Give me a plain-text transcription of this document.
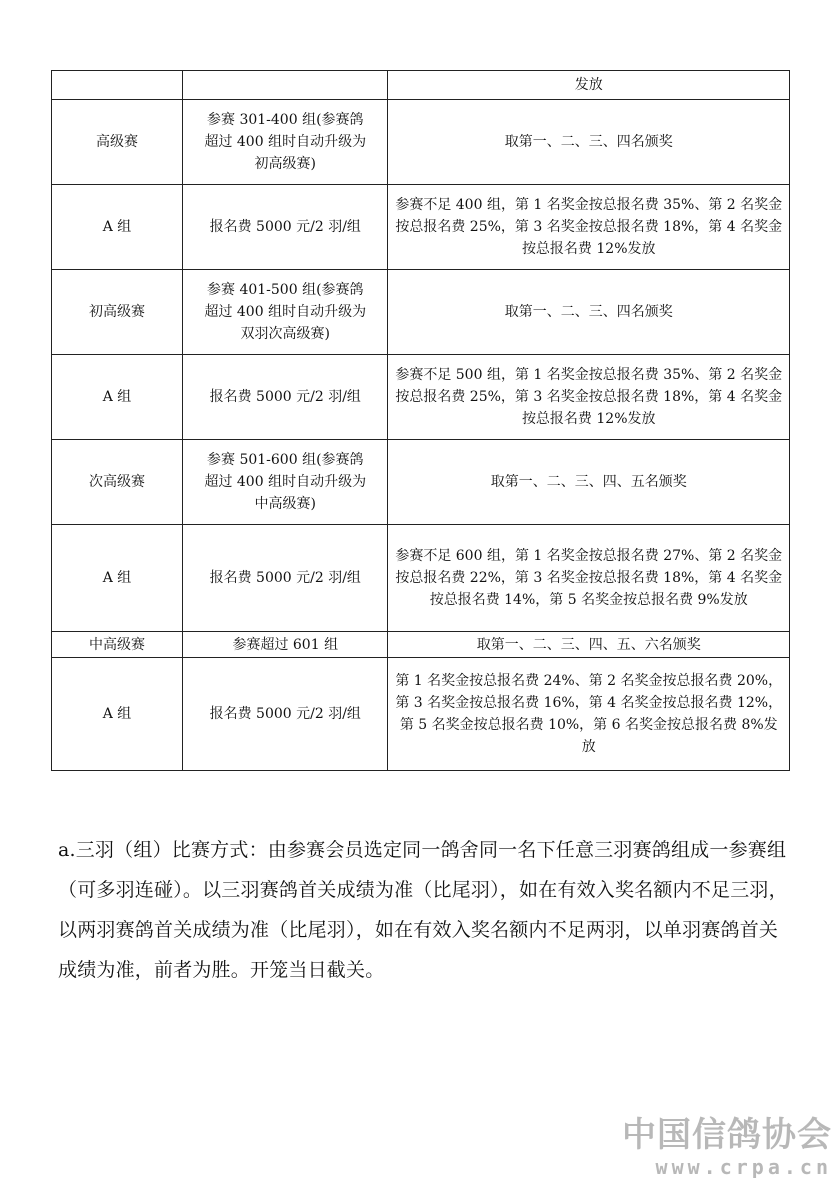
		发放

高级赛	参赛 301-400 组(参赛鸽超过 400 组时自动升级为初高级赛)	取第一、二、三、四名颁奖

A 组	报名费 5000 元/2 羽/组	参赛不足 400 组，第 1 名奖金按总报名费 35%、第 2 名奖金按总报名费 25%，第 3 名奖金按总报名费 18%，第 4 名奖金按总报名费 12%发放

初高级赛	参赛 401-500 组(参赛鸽超过 400 组时自动升级为双羽次高级赛)	取第一、二、三、四名颁奖

A 组	报名费 5000 元/2 羽/组	参赛不足 500 组，第 1 名奖金按总报名费 35%、第 2 名奖金按总报名费 25%，第 3 名奖金按总报名费 18%，第 4 名奖金按总报名费 12%发放

次高级赛	参赛 501-600 组(参赛鸽超过 400 组时自动升级为中高级赛)	取第一、二、三、四、五名颁奖

A 组	报名费 5000 元/2 羽/组	参赛不足 600 组，第 1 名奖金按总报名费 27%、第 2 名奖金按总报名费 22%，第 3 名奖金按总报名费 18%，第 4 名奖金按总报名费 14%，第 5 名奖金按总报名费 9%发放

中高级赛	参赛超过 601 组	取第一、二、三、四、五、六名颁奖

A 组	报名费 5000 元/2 羽/组	第 1 名奖金按总报名费 24%、第 2 名奖金按总报名费 20%，第 3 名奖金按总报名费 16%，第 4 名奖金按总报名费 12%，第 5 名奖金按总报名费 10%，第 6 名奖金按总报名费 8%发放
a.三羽（组）比赛方式：由参赛会员选定同一鸽舍同一名下任意三羽赛鸽组成一参赛组（可多羽连碰）。以三羽赛鸽首关成绩为准（比尾羽），如在有效入奖名额内不足三羽，以两羽赛鸽首关成绩为准（比尾羽），如在有效入奖名额内不足两羽，以单羽赛鸽首关成绩为准，前者为胜。开笼当日截关。
中国信鸽协会
www.crpa.cn
